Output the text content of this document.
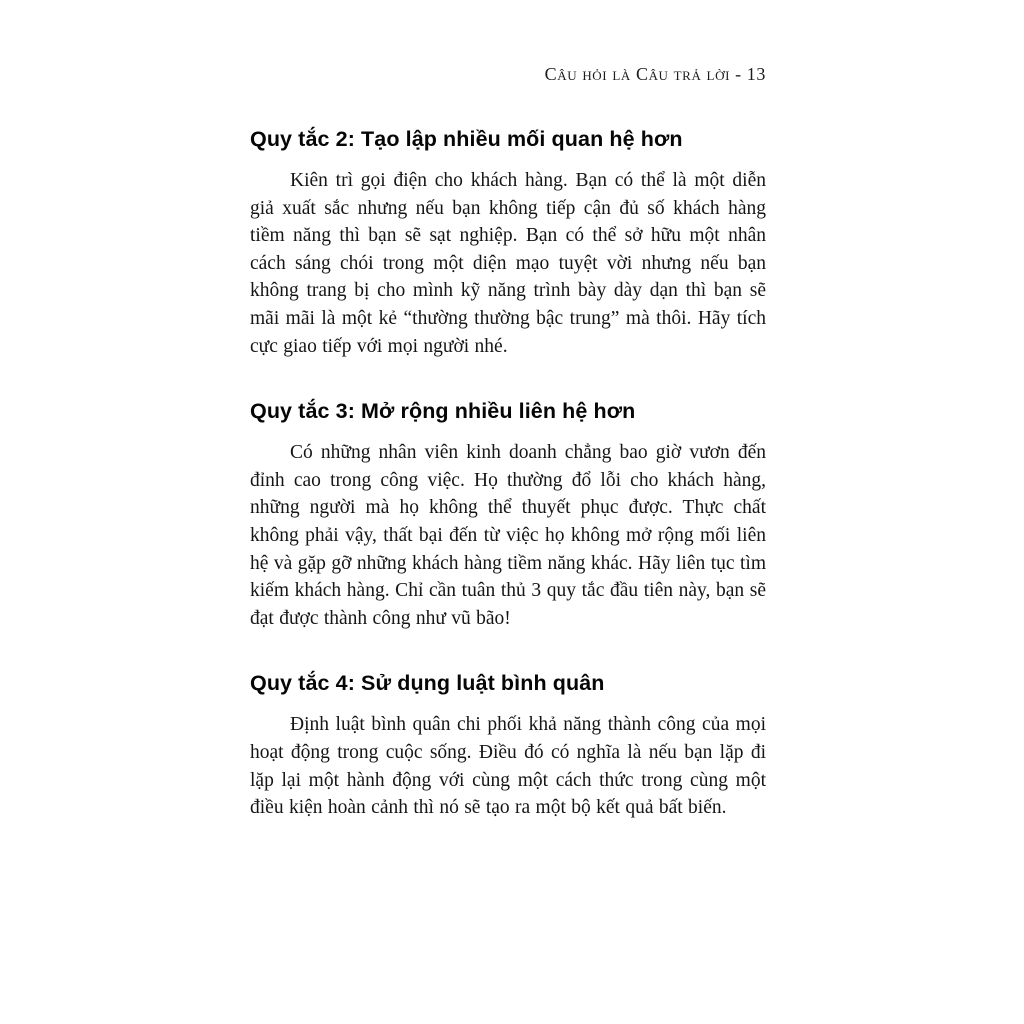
Câu hỏi là Câu trả lời - 13
Quy tắc 2: Tạo lập nhiều mối quan hệ hơn

Kiên trì gọi điện cho khách hàng. Bạn có thể là một diễn giả xuất sắc nhưng nếu bạn không tiếp cận đủ số khách hàng tiềm năng thì bạn sẽ sạt nghiệp. Bạn có thể sở hữu một nhân cách sáng chói trong một diện mạo tuyệt vời nhưng nếu bạn không trang bị cho mình kỹ năng trình bày dày dạn thì bạn sẽ mãi mãi là một kẻ “thường thường bậc trung” mà thôi. Hãy tích cực giao tiếp với mọi người nhé.

Quy tắc 3: Mở rộng nhiều liên hệ hơn

Có những nhân viên kinh doanh chẳng bao giờ vươn đến đỉnh cao trong công việc. Họ thường đổ lỗi cho khách hàng, những người mà họ không thể thuyết phục được. Thực chất không phải vậy, thất bại đến từ việc họ không mở rộng mối liên hệ và gặp gỡ những khách hàng tiềm năng khác. Hãy liên tục tìm kiếm khách hàng. Chỉ cần tuân thủ 3 quy tắc đầu tiên này, bạn sẽ đạt được thành công như vũ bão!

Quy tắc 4: Sử dụng luật bình quân

Định luật bình quân chi phối khả năng thành công của mọi hoạt động trong cuộc sống. Điều đó có nghĩa là nếu bạn lặp đi lặp lại một hành động với cùng một cách thức trong cùng một điều kiện hoàn cảnh thì nó sẽ tạo ra một bộ kết quả bất biến.
